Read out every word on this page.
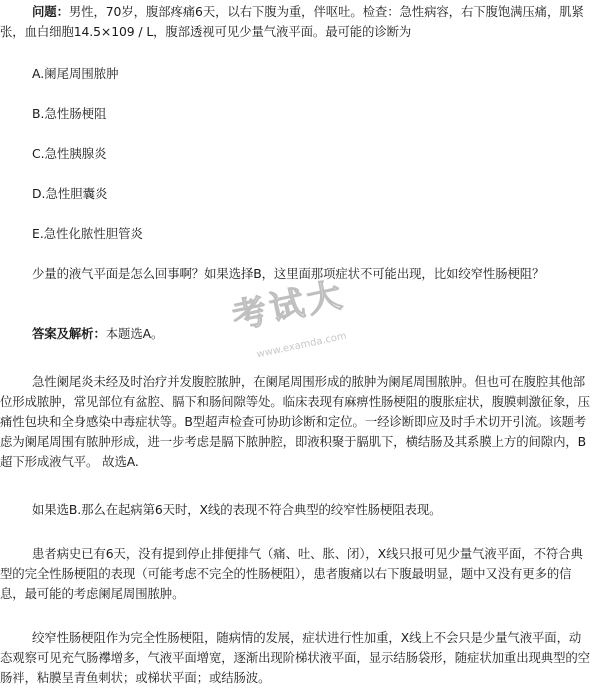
问题：男性，70岁，腹部疼痛6天，以右下腹为重，伴呕吐。检查：急性病容，右下腹饱满压痛，肌紧张，血白细胞14.5×109 / L，腹部透视可见少量气液平面。最可能的诊断为

A.阑尾周围脓肿

B.急性肠梗阻

C.急性胰腺炎

D.急性胆囊炎

E.急性化脓性胆管炎

少量的液气平面是怎么回事啊？如果选择B，这里面那项症状不可能出现，比如绞窄性肠梗阻？

答案及解析：本题选A。	考试大
www.examda.com

急性阑尾炎未经及时治疗并发腹腔脓肿，在阑尾周围形成的脓肿为阑尾周围脓肿。但也可在腹腔其他部位形成脓肿，常见部位有盆腔、膈下和肠间隙等处。临床表现有麻痹性肠梗阻的腹胀症状，腹膜刺激征象，压痛性包块和全身感染中毒症状等。B型超声检查可协助诊断和定位。一经诊断即应及时手术切开引流。该题考虑为阑尾周围有脓肿形成，进一步考虑是膈下脓肿腔，即液积聚于膈肌下，横结肠及其系膜上方的间隙内，B超下形成液气平。 故选A.

如果选B.那么在起病第6天时，X线的表现不符合典型的绞窄性肠梗阻表现。

患者病史已有6天，没有提到停止排便排气（痛、吐、胀、闭），X线只报可见少量气液平面，不符合典型的完全性肠梗阻的表现（可能考虑不完全的性肠梗阻），患者腹痛以右下腹最明显，题中又没有更多的信息，最可能的考虑阑尾周围脓肿。

绞窄性肠梗阻作为完全性肠梗阻，随病情的发展，症状进行性加重，X线上不会只是少量气液平面，动态观察可见充气肠襻增多，气液平面增宽，逐渐出现阶梯状液平面，显示结肠袋形，随症状加重出现典型的空肠袢，粘膜呈青鱼刺状；或梯状平面；或结肠波。
